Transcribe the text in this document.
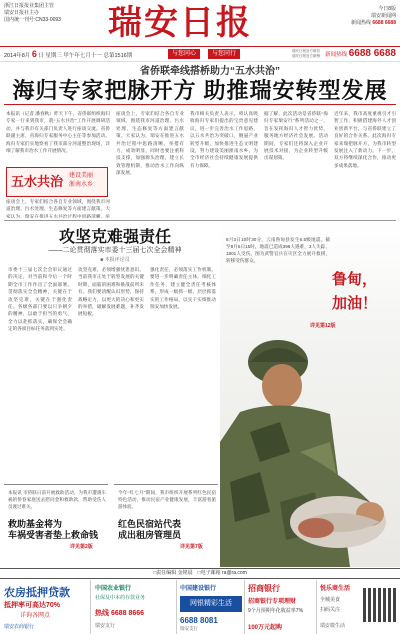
浙江日报报业集团主管
瑞安日报社主办
国内统一刊号:CN33-0093 瑞安日报	今日8版
瑞安新闻网
新闻热线 6688 6688
2014年8月 6 日 星期三 甲午年七月十一 总第1516期	与您同心	与您同行	瑞安日报官方微信
瑞安日报官方微博 新闻热线 6688 6688
省侨联牵线搭桥助力“五水共治”
海归专家把脉开方 助推瑞安转型发展
本报讯（记者 潘春秋）昨天下午，省侨联组织海归专家一行来到我市，就“五水共治”工作开展调研活动，并与我市有关部门负责人进行座谈交流。省侨联副主席，省海归专家服务中心主任等参加活动。海归专家们实地察看了我市部分河道整治现场，详细了解我市治水工作开展情况。
五水共治 建设美丽
浙南水乡
座谈会上，专家们结合各自专业领域，围绕我市河道治理、污水处理、生态修复等方面建言献策。大家认为，瑞安在推进五水共治过程中思路清晰、举
座谈会上，专家们结合各自专业领域，围绕我市河道治理、污水处理、生态修复等方面建言献策。大家认为，瑞安在推进五水共治过程中思路清晰、举措有力，成效明显，同时也要注重科技支撑，加强源头治理，建立长效管理机制，推动治水工作向纵深发展。
我市相关负责人表示，将认真吸收海归专家们提出的宝贵意见建议，进一步完善治水工作思路，以五水共治为突破口，倒逼产业转型升级，加快推进生态文明建设，努力建设美丽浙南水乡，为全市经济社会持续健康发展提供有力保障。
据了解，此次活动是省侨联“海归专家瑞安行”系列活动之一，旨在发挥海归人才智力优势，服务地方经济社会发展。活动期间，专家们还将深入企业开展技术对接，为企业转型升级出谋划策。
近年来，我市高度重视引才引智工作，积极搭建海外人才创业创新平台，与省侨联建立了良好的合作关系。此次海归专家来瑞把脉开方，为我市转型发展注入了新动力。下一步，双方将继续深化合作，推动更多成果落地。
攻坚克难强责任
——二论贯彻落实市委十三届七次全会精神
■ 本报评论员
市委十三届七次全会审议通过的决定，对当前和今后一个时期全市工作作出了全面部署。贯彻落实全会精神，关键在于攻坚克难，关键在于强化责任。各级各部门要以只争朝夕的精神，以敢于担当的勇气，全力以赴抓落实，确保全会确定的各项目标任务落到实处。
攻坚克难，必须增强忧患意识。当前我市正处于转型发展的关键时期，面临的困难和挑战前所未有。我们要清醒认识形势，保持战略定力，以更大的决心和更实的举措，破解发展难题，补齐发展短板。
强化责任，必须落实工作机制。要进一步明确责任主体，细化工作任务，建立健全责任考核体系，形成一级抓一级、层层抓落实的工作格局，以实干实绩推动瑞安加快发展。
8月3日10时30分，云南鲁甸县发生6.5级地震。截至8月5日15时，地震已造成398人遇难，3人失踪，1801人受伤。图为武警官兵在灾区全力展开救援，转移受伤群众。
详见第12版
鲁甸，
加油！
本报讯 市侨联日前开展救助活动，为我市遭遇车祸的侨眷家庭送去慰问金和救助款，帮助受伤人员渡过难关。
救助基金将为
车祸受害者垫上救命钱
详见第2版
今年“红七月”期间，我市组织开展系列红色民宿特色活动，推动民宿产业健康发展，丰富游客旅游体验。
红色民宿站代表
成出租房管理员
详见第7版
□责任编辑 金铭晨　□电子邮箱 ra@ra.com
农房抵押贷款
抵押率可高达70%
详询各网点
瑞安农商银行
中国农业银行
社保及中本的存款业务
热线 6688 8666
瑞安支行
中国建设银行
网银精彩生活
6688 8081
瑞安支行
招商银行
招商银行专项理财
9个月预期年化收益率7%
100万元起购
悦乐商生活
全城美食
扫码关注
瑞安微生活
